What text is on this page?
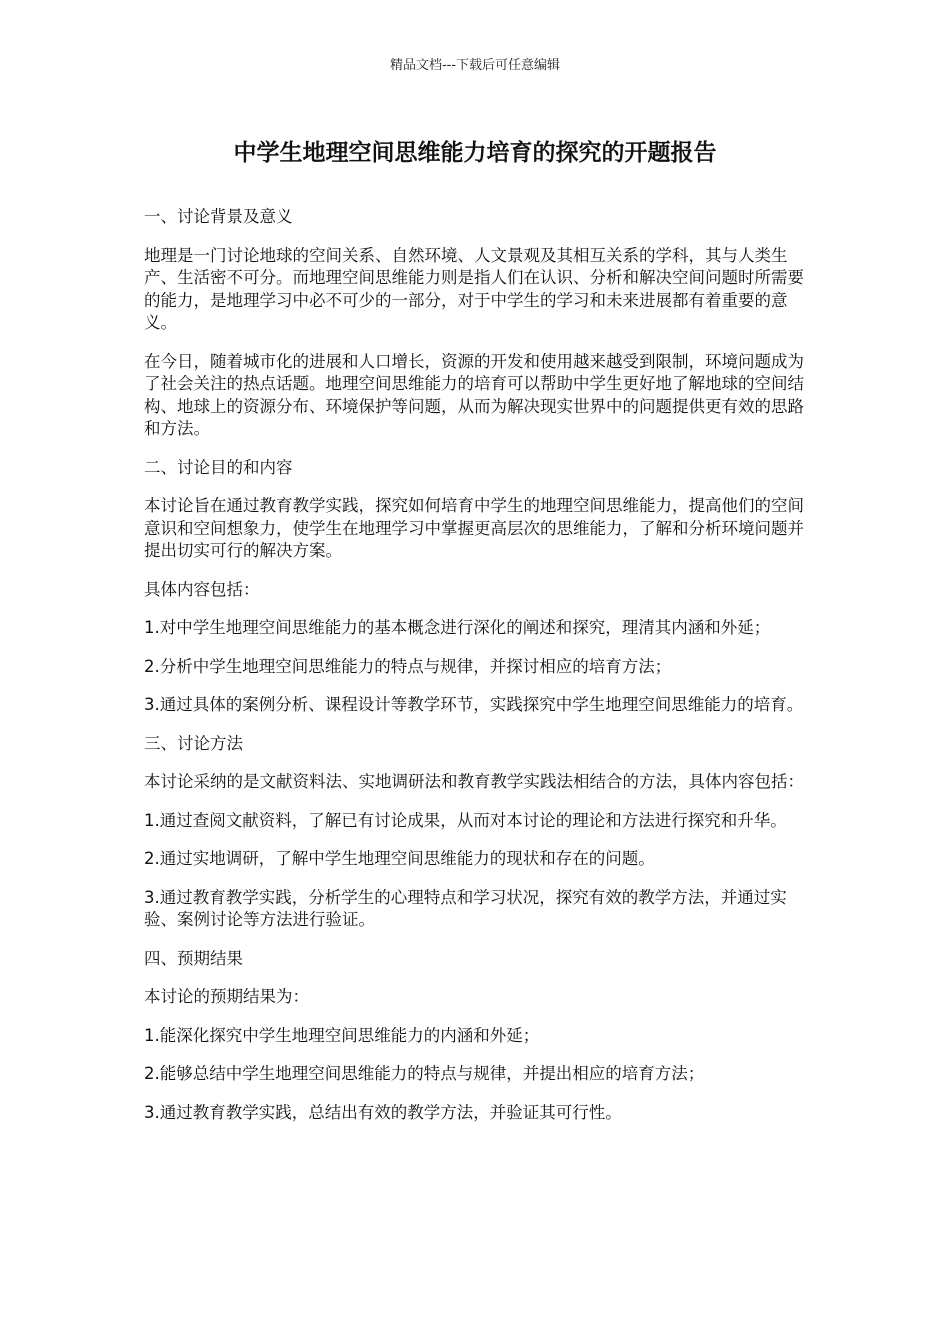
精品文档---下载后可任意编辑
中学生地理空间思维能力培育的探究的开题报告

一、讨论背景及意义

地理是一门讨论地球的空间关系、自然环境、人文景观及其相互关系的学科，其与人类生产、生活密不可分。而地理空间思维能力则是指人们在认识、分析和解决空间问题时所需要的能力，是地理学习中必不可少的一部分，对于中学生的学习和未来进展都有着重要的意义。

在今日，随着城市化的进展和人口增长，资源的开发和使用越来越受到限制，环境问题成为了社会关注的热点话题。地理空间思维能力的培育可以帮助中学生更好地了解地球的空间结构、地球上的资源分布、环境保护等问题，从而为解决现实世界中的问题提供更有效的思路和方法。

二、讨论目的和内容

本讨论旨在通过教育教学实践，探究如何培育中学生的地理空间思维能力，提高他们的空间意识和空间想象力，使学生在地理学习中掌握更高层次的思维能力，了解和分析环境问题并提出切实可行的解决方案。

具体内容包括：

1.对中学生地理空间思维能力的基本概念进行深化的阐述和探究，理清其内涵和外延；

2.分析中学生地理空间思维能力的特点与规律，并探讨相应的培育方法；

3.通过具体的案例分析、课程设计等教学环节，实践探究中学生地理空间思维能力的培育。

三、讨论方法

本讨论采纳的是文献资料法、实地调研法和教育教学实践法相结合的方法，具体内容包括：

1.通过查阅文献资料，了解已有讨论成果，从而对本讨论的理论和方法进行探究和升华。

2.通过实地调研，了解中学生地理空间思维能力的现状和存在的问题。

3.通过教育教学实践，分析学生的心理特点和学习状况，探究有效的教学方法，并通过实验、案例讨论等方法进行验证。

四、预期结果

本讨论的预期结果为：

1.能深化探究中学生地理空间思维能力的内涵和外延；

2.能够总结中学生地理空间思维能力的特点与规律，并提出相应的培育方法；

3.通过教育教学实践，总结出有效的教学方法，并验证其可行性。
